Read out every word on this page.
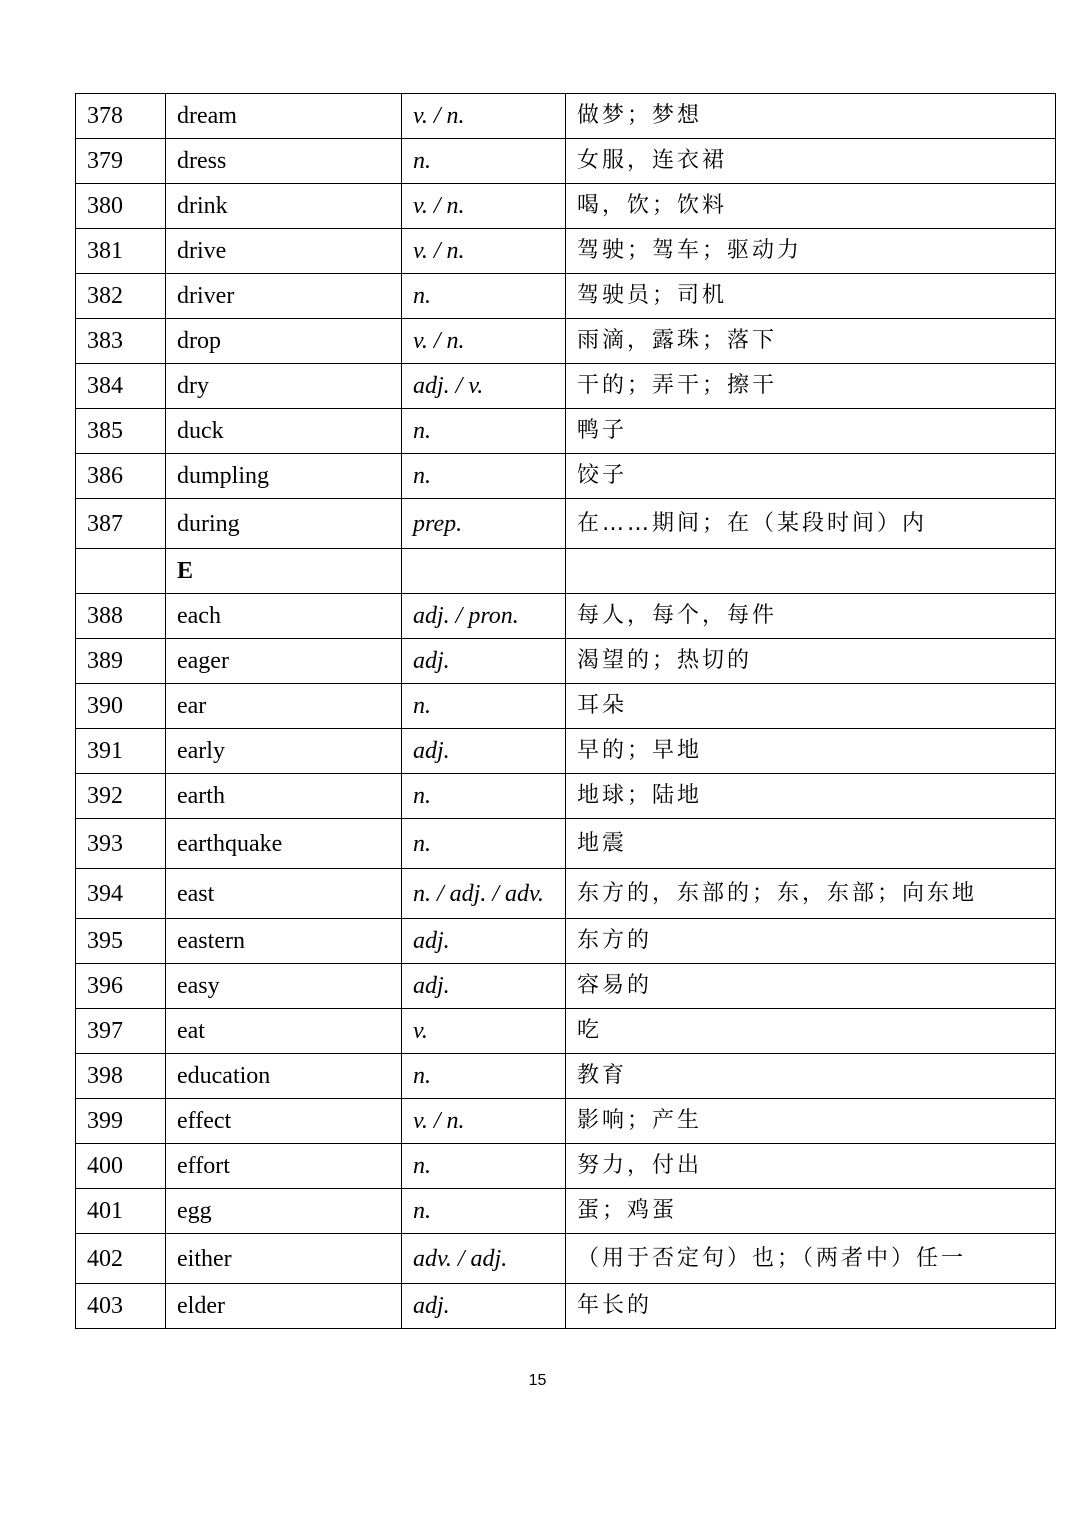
378	dream	v. / n.	做梦；梦想
379	dress	n.	女服，连衣裙
380	drink	v. / n.	喝，饮；饮料
381	drive	v. / n.	驾驶；驾车；驱动力
382	driver	n.	驾驶员；司机
383	drop	v. / n.	雨滴，露珠；落下
384	dry	adj. / v.	干的；弄干；擦干
385	duck	n.	鸭子
386	dumpling	n.	饺子
387	during	prep.	在……期间；在（某段时间）内
	E		
388	each	adj. / pron.	每人，每个，每件
389	eager	adj.	渴望的；热切的
390	ear	n.	耳朵
391	early	adj.	早的；早地
392	earth	n.	地球；陆地
393	earthquake	n.	地震
394	east	n. / adj. / adv.	东方的，东部的；东，东部；向东地
395	eastern	adj.	东方的
396	easy	adj.	容易的
397	eat	v.	吃
398	education	n.	教育
399	effect	v. / n.	影响；产生
400	effort	n.	努力，付出
401	egg	n.	蛋；鸡蛋
402	either	adv. / adj.	（用于否定句）也；（两者中）任一
403	elder	adj.	年长的
15
